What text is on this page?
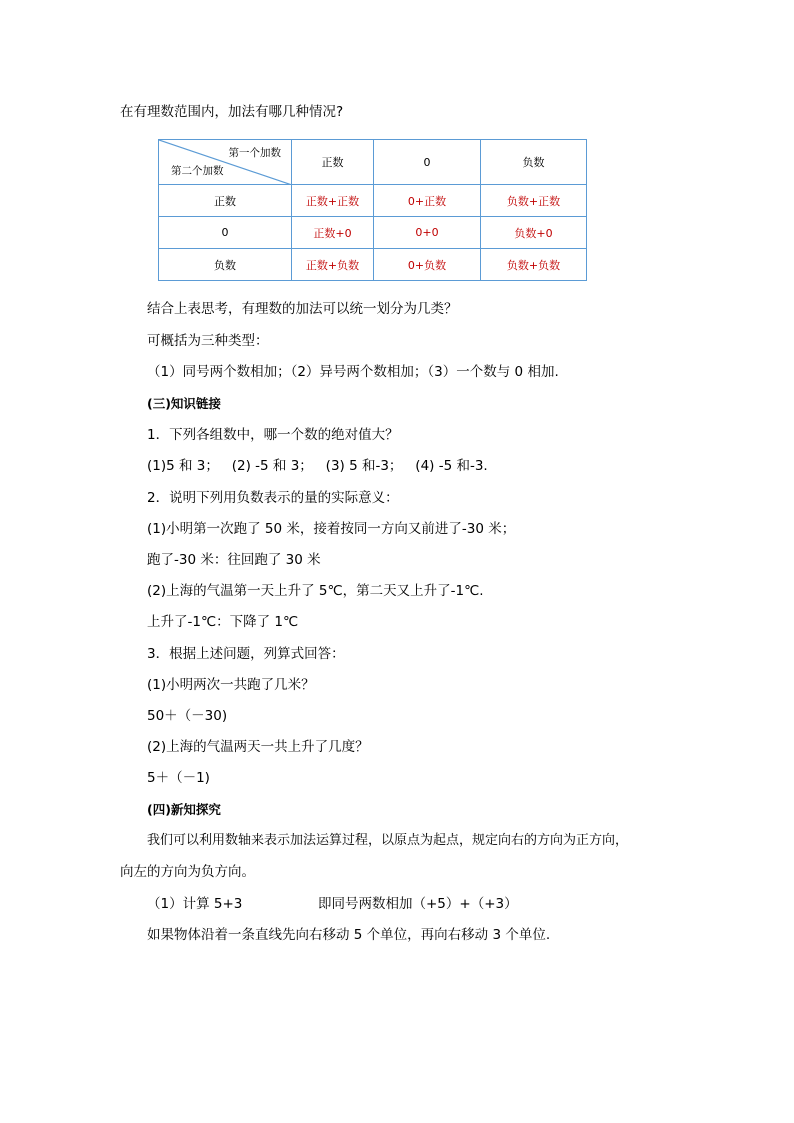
在有理数范围内，加法有哪几种情况?
第一个加数
第二个加数	正数	0	负数
正数	正数+正数	0+正数	负数+正数
0	正数+0	0+0	负数+0
负数	正数+负数	0+负数	负数+负数
结合上表思考，有理数的加法可以统一划分为几类？
可概括为三种类型：
（1）同号两个数相加；（2）异号两个数相加；（3）一个数与 0 相加.
(三)知识链接
1．下列各组数中，哪一个数的绝对值大？
(1)5 和 3；   (2) -5 和 3；   (3) 5 和-3；   (4) -5 和-3.
2．说明下列用负数表示的量的实际意义：
(1)小明第一次跑了 50 米，接着按同一方向又前进了-30 米；
跑了-30 米：往回跑了 30 米
(2)上海的气温第一天上升了 5℃，第二天又上升了-1℃.
上升了-1℃：下降了 1℃
3．根据上述问题，列算式回答：
(1)小明两次一共跑了几米？
50＋（－30)
(2)上海的气温两天一共上升了几度？
5＋（－1)
(四)新知探究
我们可以利用数轴来表示加法运算过程，以原点为起点，规定向右的方向为正方向，
向左的方向为负方向。
（1）计算 5+3	即同号两数相加（+5）+（+3）
如果物体沿着一条直线先向右移动 5 个单位，再向右移动 3 个单位.
